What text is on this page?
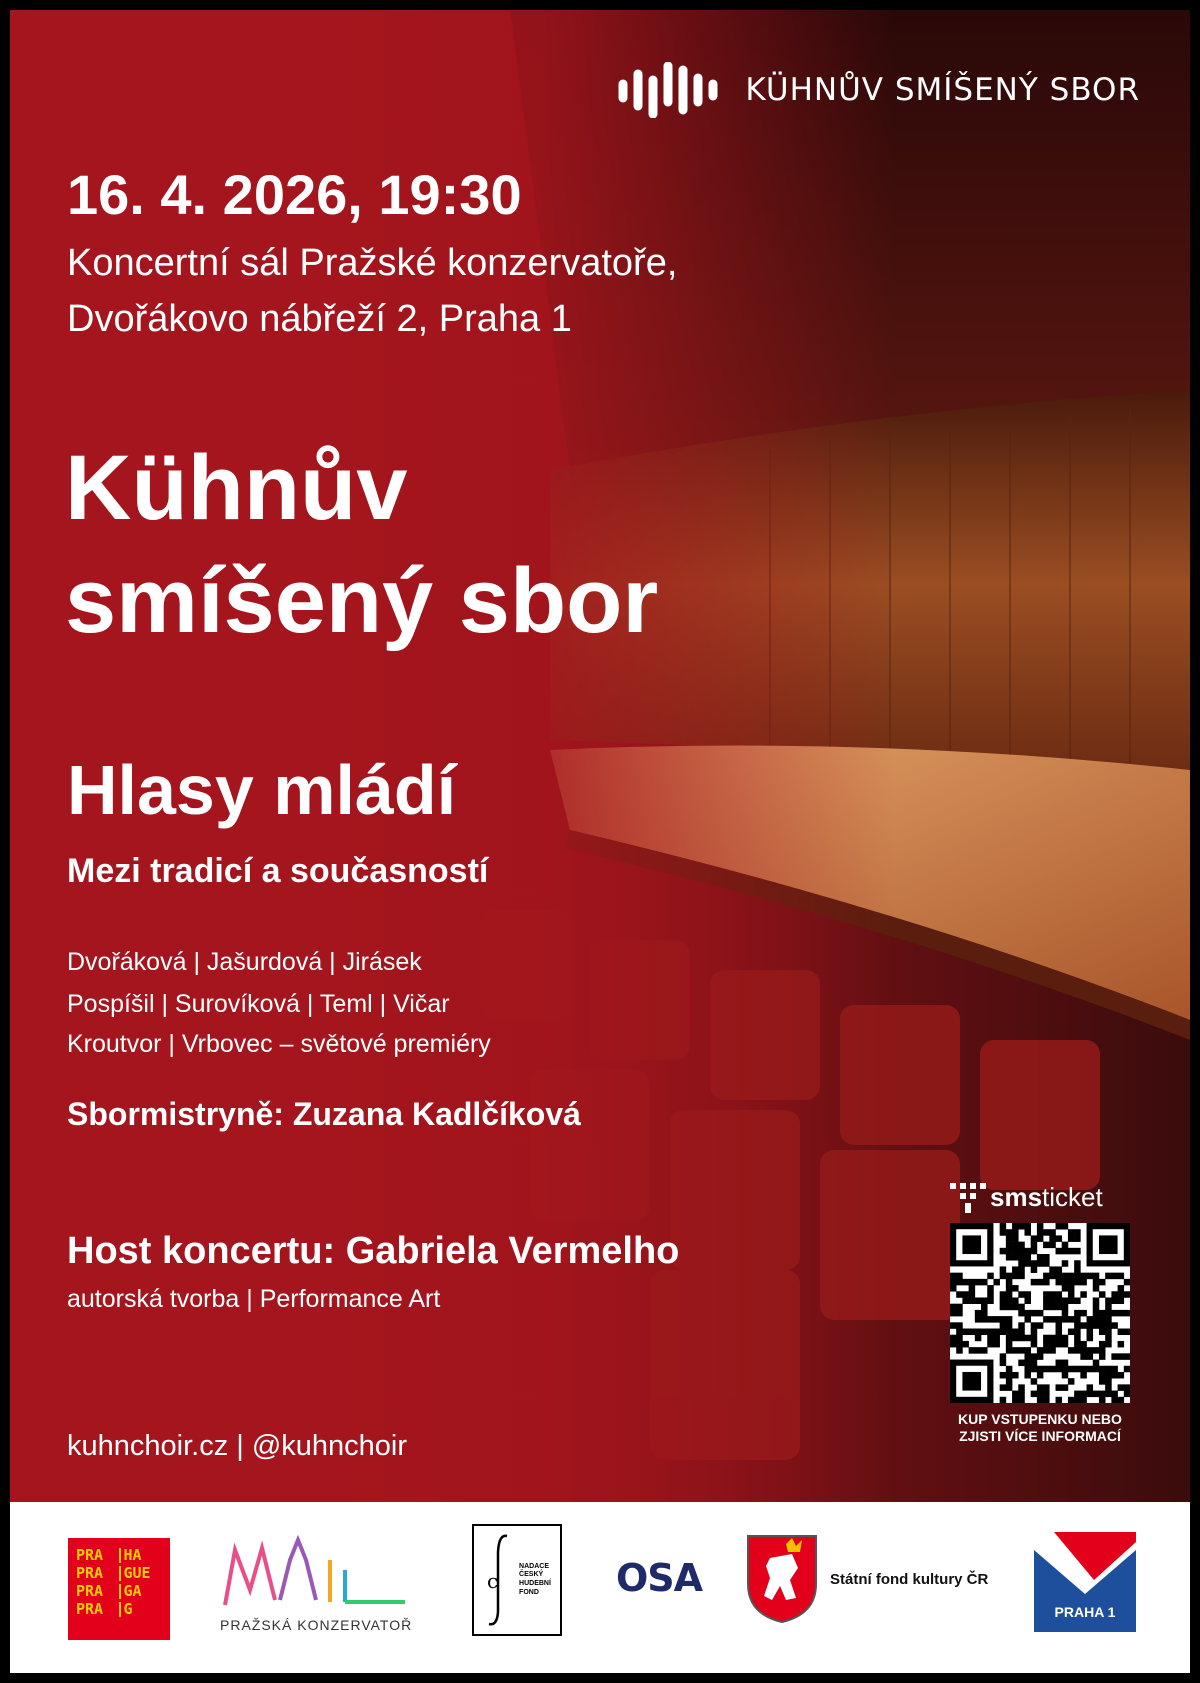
KÜHNŮV SMÍŠENÝ SBOR

16. 4. 2026, 19:30

Koncertní sál Pražské konzervatoře,

Dvořákovo nábřeží 2, Praha 1

Kühnův
smíšený sbor
Hlasy mládí

Mezi tradicí a současností

Dvořáková | Jašurdová | Jirásek

Pospíšil | Surovíková | Teml | Vičar

Kroutvor | Vrbovec – světové premiéry

Sbormistryně: Zuzana Kadlčíková

Host koncertu: Gabriela Vermelho

autorská tvorba | Performance Art

kuhnchoir.cz | @kuhnchoir

sms ticket
KUP VSTUPENKU NEBO
ZJISTI VÍCE INFORMACÍ
PRA	HA
PRA	GUE
PRA	GA
PRA	G
PRAŽSKÁ KONZERVATOŘ
c
NADACE
ČESKÝ
HUDEBNÍ
FOND	OSA	Státní fond kultury ČR
PRAHA 1
